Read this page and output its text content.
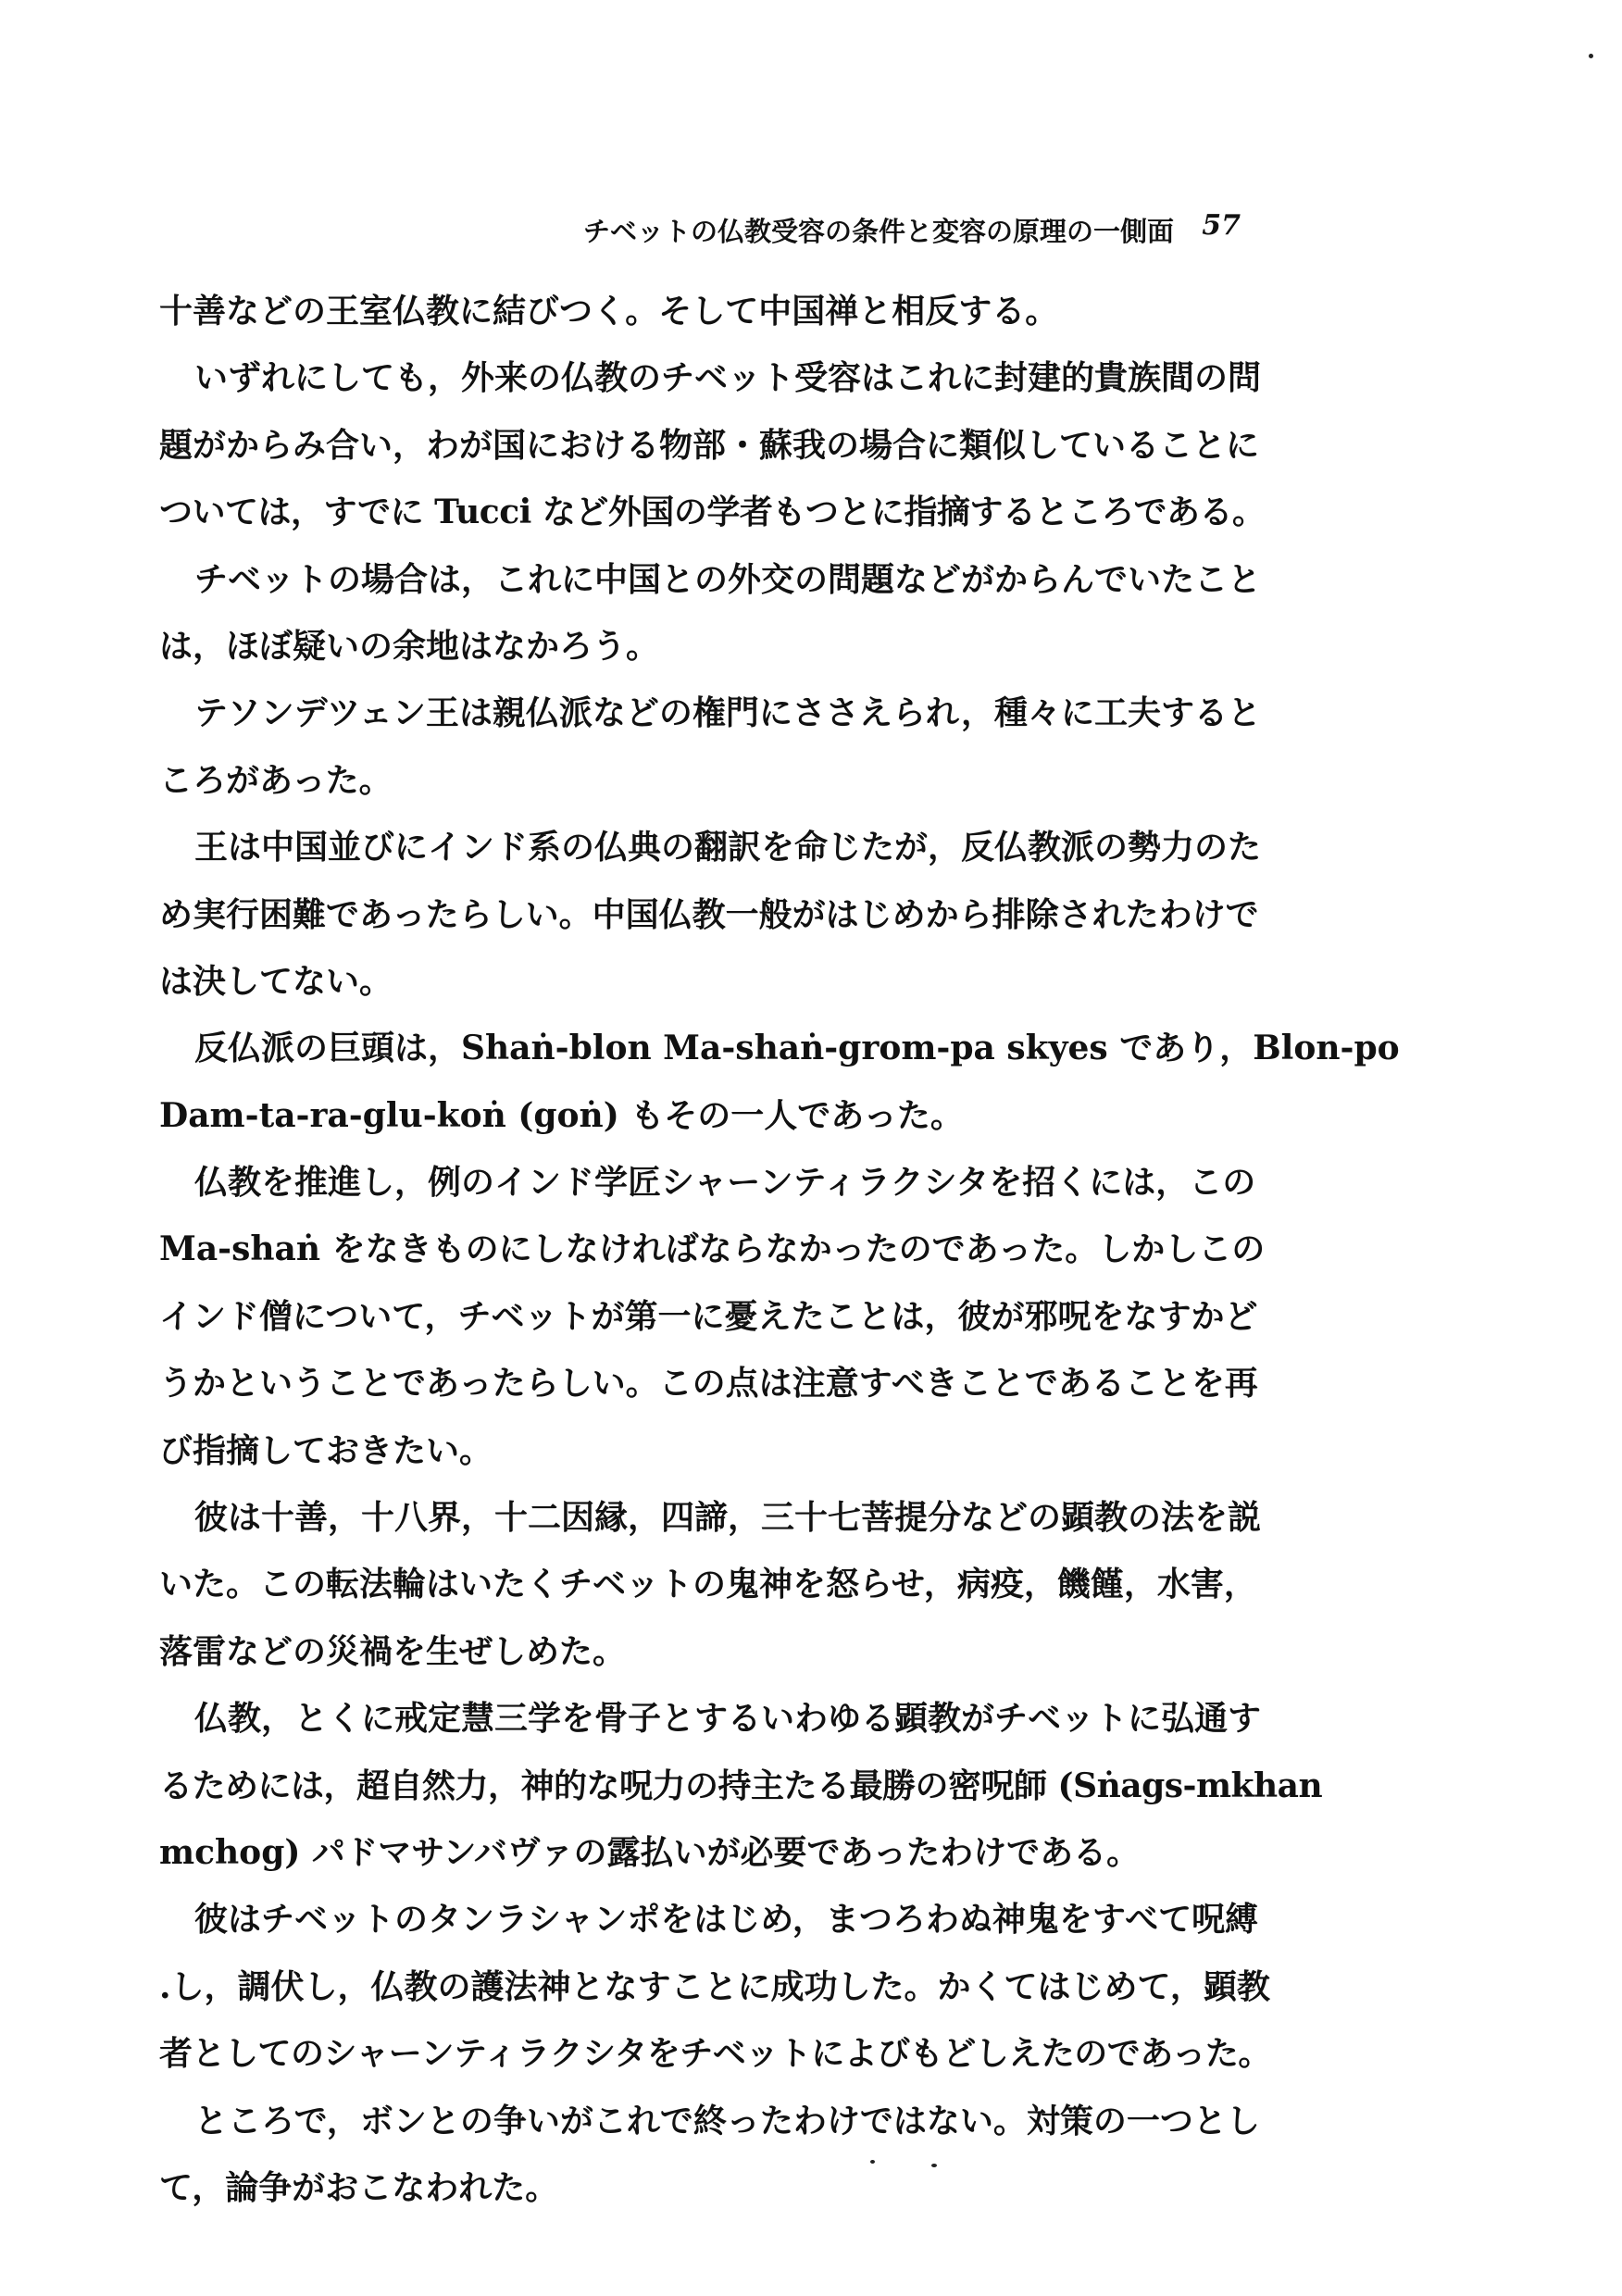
チベットの仏教受容の条件と変容の原理の一側面 57
十善などの王室仏教に結びつく。そして中国禅と相反する。
いずれにしても，外来の仏教のチベット受容はこれに封建的貴族間の問
題がからみ合い，わが国における物部・蘇我の場合に類似していることに
ついては，すでに Tucci など外国の学者もつとに指摘するところである。
チベットの場合は，これに中国との外交の問題などがからんでいたこと
は，ほぼ疑いの余地はなかろう。
テソンデツェン王は親仏派などの権門にささえられ，種々に工夫すると
ころがあった。
王は中国並びにインド系の仏典の翻訳を命じたが，反仏教派の勢力のた
め実行困難であったらしい。中国仏教一般がはじめから排除されたわけで
は決してない。
反仏派の巨頭は，Shaṅ-blon Ma-shaṅ-grom-pa skyes であり，Blon-po
Dam-ta-ra-glu-koṅ (goṅ) もその一人であった。
仏教を推進し，例のインド学匠シャーンティラクシタを招くには，この
Ma-shaṅ をなきものにしなければならなかったのであった。しかしこの
インド僧について，チベットが第一に憂えたことは，彼が邪呪をなすかど
うかということであったらしい。この点は注意すべきことであることを再
び指摘しておきたい。
彼は十善，十八界，十二因縁，四諦，三十七菩提分などの顕教の法を説
いた。この転法輪はいたくチベットの鬼神を怒らせ，病疫，饑饉，水害，
落雷などの災禍を生ぜしめた。
仏教，とくに戒定慧三学を骨子とするいわゆる顕教がチベットに弘通す
るためには，超自然力，神的な呪力の持主たる最勝の密呪師 (Sṅags-mkhan
mchog) パドマサンバヴァの露払いが必要であったわけである。
彼はチベットのタンラシャンポをはじめ，まつろわぬ神鬼をすべて呪縛
.し，調伏し，仏教の護法神となすことに成功した。かくてはじめて，顕教
者としてのシャーンティラクシタをチベットによびもどしえたのであった。
ところで，ボンとの争いがこれで終ったわけではない。対策の一つとし
て，論争がおこなわれた。
